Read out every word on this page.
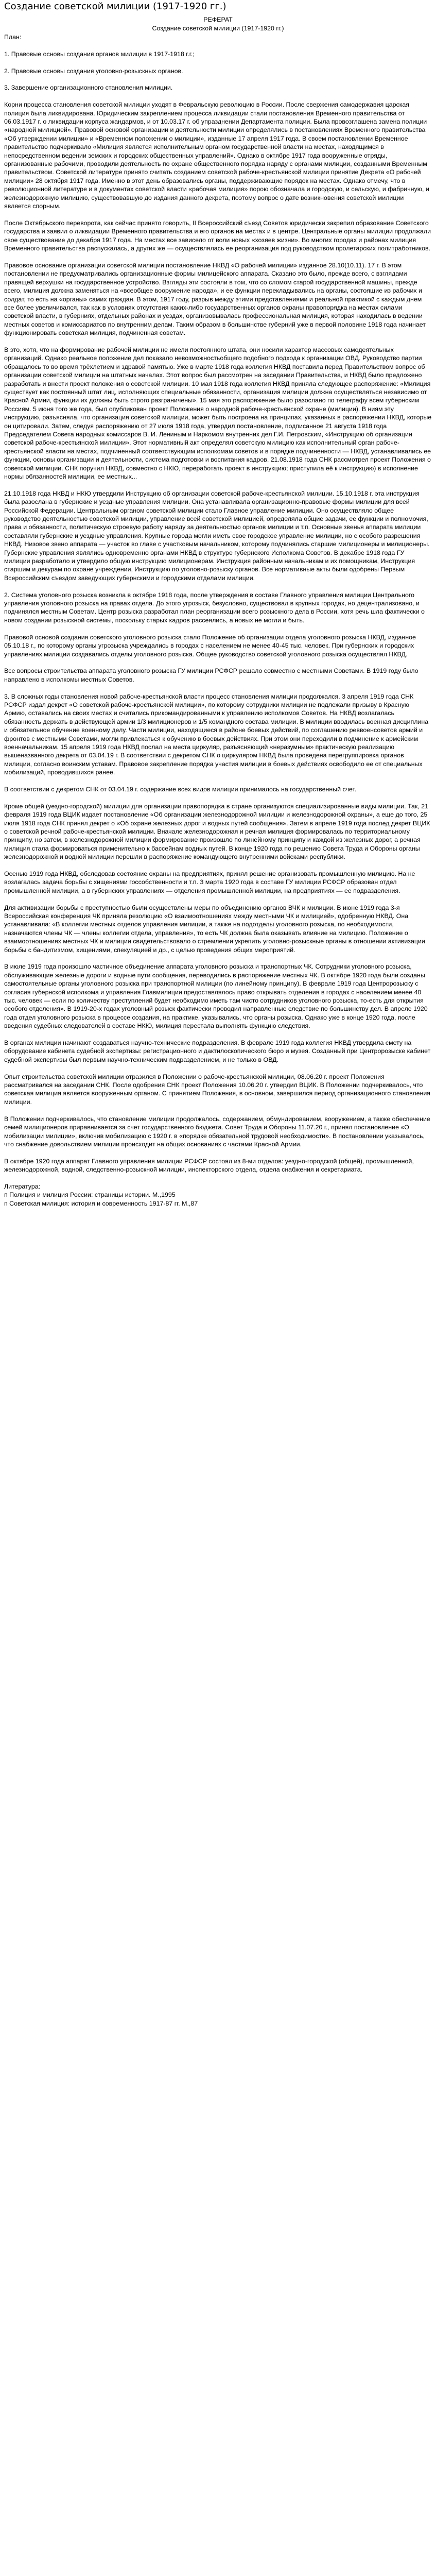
Создание советской милиции (1917-1920 гг.)

РЕФЕРАТ

Создание советской милиции (1917-1920 гг.)

План:

1. Правовые основы создания органов милиции в 1917-1918 г.г.;

2. Правовые основы создания уголовно-розыскных органов.

3. Завершение организационного становления милиции.

Корни процесса становления советской милиции уходят в Февральскую революцию в России. После свержения самодержавия царская полиция была ликвидирована. Юридическим закреплением процесса ликвидации стали постановления Временного правительства от 06.03.1917 г. о ликвидации корпуса жандармов, и от 10.03.17 г. об упразднении Департамента полиции. Была провозглашена замена полиции «народной милицией». Правовой основой организации и деятельности милиции определялись в постановлениях Временного правительства «Об утверждении милиции» и «Временном положении о милиции», изданные 17 апреля 1917 года. В своем постановлении Временное правительство подчеркивало «Милиция является исполнительным органом государственной власти на местах, находящимся в непосредственном ведении земских и городских общественных управлений». Однако в октябре 1917 года вооруженные отряды, организованные рабочими, проводили деятельность по охране общественного порядка наряду с органами милиции, созданными Временным правительством. Советской литературе принято считать созданием советской рабоче-крестьянской милиции принятие Декрета «О рабочей милиции» 28 октября 1917 года. Именно в этот день образовались органы, поддерживающие порядок на местах. Однако отмечу, что в революционной литературе и в документах советской власти «рабочая милиция» порою обозначала и городскую, и сельскую, и фабричную, и железнодорожную милицию, существовавшую до издания данного декрета, поэтому вопрос о дате возникновения советской милиции является спорным.

После Октябрьского переворота, как сейчас принято говорить, II Всероссийский съезд Советов юридически закрепил образование Советского государства и заявил о ликвидации Временного правительства и его органов на местах и в центре. Центральные органы милиции продолжали свое существование до декабря 1917 года. На местах все зависело от воли новых «хозяев жизни». Во многих городах и районах милиция Временного правительства распускалась, а других же — осуществлялась ее реорганизация под руководством пролетарских политработников.

Правовое основание организации советской милиции постановление НКВД «О рабочей милиции» изданное 28.10(10.11). 17 г. В этом постановлении не предусматривались организационные формы милицейского аппарата. Сказано это было, прежде всего, с взглядами правящей верхушки на государственное устройство. Взгляды эти состояли в том, что со сломом старой государственной машины, прежде всего, милиция должна заменяться на «всеобщее вооружение народа», и ее функции перекладывались на органы, состоящие из рабочих и солдат, то есть на «органы» самих граждан. В этом, 1917 году, разрыв между этими представлениями и реальной практикой с каждым днем все более увеличивался, так как в условиях отсутствия каких-либо государственных органов охраны правопорядка на местах силами советской власти, в губерниях, отдельных районах и уездах, организовывалась профессиональная милиция, которая находилась в ведении местных советов и комиссариатов по внутренним делам. Таким образом в большинстве губерний уже в первой половине 1918 года начинает функционировать советская милиция, подчиненная советам.

В это, хотя, что на формирование рабочей милиции не имели постоянного штата, они носили характер массовых самодеятельных организаций. Однако реальное положение дел показало невозможностьобщего подобного подхода к организации ОВД. Руководство партии обращалось то во время трёхлетием и здравой памятью. Уже в марте 1918 года коллегия НКВД поставила перед Правительством вопрос об организации советской милиции на штатных началах. Этот вопрос был рассмотрен на заседании Правительства, и НКВД было предложено разработать и внести проект положения о советской милиции. 10 мая 1918 года коллегия НКВД приняла следующее распоряжение: «Милиция существует как постоянный штат лиц, исполняющих специальные обязанности, организация милиции должна осуществляться независимо от Красной Армии, функции их должны быть строго разграничены». 15 мая это распоряжение было разослано по телеграфу всем губернским Россиям. 5 июня того же года, был опубликован проект Положения о народной рабоче-крестьянской охране (милиции). В ниям эту инструкцию, разъясняла, что организация советской милиции, может быть построена на принципах, указанных в распоряжении НКВД, которые он цитировали. Затем, следуя распоряжению от 27 июля 1918 года, утвердил постановление, подписанное 21 августа 1918 года Председателем Совета народных комиссаров В. И. Лениным и Наркомом внутренних дел Г.И. Петровским, «Инструкцию об организации советской рабоче-крестьянской милиции». Этот нормативный акт определял советскую милицию как исполнительный орган рабоче-крестьянской власти на местах, подчиненный соответствующим исполкомам советов и в порядке подчиненности — НКВД, устанавливались ее функции, основы организации и деятельности, система подготовки и воспитания кадров. 21.08.1918 года СНК рассмотрел проект Положения о советской милиции. СНК поручил НКВД, совместно с НКЮ, переработать проект в инструкцию; приступила её к инструкцию) в исполнение нормы обязанностей милиции, ее местных...

21.10.1918 года НКВД и НКЮ утвердили Инструкцию об организации советской рабоче-крестьянской милиции. 15.10.1918 г. эта инструкция была разослана в губернские и уездные управления милиции. Она устанавливала организационно-правовые формы милиции для всей Российской Федерации. Центральным органом советской милиции стало Главное управление милиции. Оно осуществляло общее руководство деятельностью советской милиции, управление всей советской милицией, определяла общие задачи, ее функции и полномочия, права и обязанности, политическую строевую работу наряду за деятельностью органов милиции и т.п. Основные звенья аппарата милиции составляли губернские и уездные управления. Крупные города могли иметь свое городское управление милиции, но с особого разрешения НКВД. Низовое звено аппарата — участок во главе с участковым начальником, которому подчинялись старшие милиционеры и милиционеры. Губернские управления являлись одновременно органами НКВД в структуре губернского Исполкома Советов. В декабре 1918 года ГУ милиции разработало и утвердило общую инструкцию милиционерам. Инструкция районным начальникам и их помощникам, Инструкция старшим и декурам по охране учреждении, Инструкцию по уголовно-розыску органов. Все нормативные акты были одобрены Первым Всероссийским съездом заведующих губернскими и городскими отделами милиции.

2. Система уголовного розыска возникла в октябре 1918 года, после утверждения в составе Главного управления милиции Центрального управления уголовного розыска на правах отдела. До этого угрозыск, безусловно, существовал в крупных городах, но децентрализовано, и подчинялся местным Советам. Центр розыска разработал план реорганизации всего розыскного дела в России, хотя речь шла фактически о новом создании розыскной системы, поскольку старых кадров рассеялись, а новых не могли и быть.

Правовой основой создания советского уголовного розыска стало Положение об организации отдела уголовного розыска НКВД, изданное 05.10.18 г., по которому органы угрозыска учреждались в городах с населением не менее 40-45 тыс. человек. При губернских и городских управлениях милиции создавались отделы уголовного розыска. Общее руководство советской уголовного розыска осуществлял НКВД.

Все вопросы строительства аппарата уголовного розыска ГУ милиции РСФСР решало совместно с местными Советами. В 1919 году было направлено в исполкомы местных Советов.

3. В сложных годы становления новой рабоче-крестьянской власти процесс становления милиции продолжался. 3 апреля 1919 года СНК РСФСР издал декрет «О советской рабоче-крестьянской милиции», по которому сотрудники милиции не подлежали призыву в Красную Армию, оставались на своих местах и считались прикомандированными к управлению исполкомов Советов. На НКВД возлагалась обязанность держать в действующей армии 1/3 милиционеров и 1/5 командного состава милиции. В милиции вводилась военная дисциплина и обязательное обучение военному делу. Части милиции, находящиеся в районе боевых действий, по соглашению реввоенсоветов армий и фронтов с местными Советами, могли привлекаться к обучению в боевых действиях. При этом они переходили в подчинение к армейским военначальникам. 15 апреля 1919 года НКВД послал на места циркуляр, разъясняющий «неразумным» практическую реализацию вышеназванного декрета от 03.04.19 г. В соответствии с декретом СНК о циркуляром НКВД была проведена перегруппировка органов милиции, согласно воинским уставам. Правовое закрепление порядка участия милиции в боевых действиях освободило ее от специальных мобилизаций, проводившихся ранее.

В соответствии с декретом СНК от 03.04.19 г. содержание всех видов милиции принималось на государственный счет.

Кроме общей (уездно-городской) милиции для организации правопорядка в стране организуются специализированные виды милиции. Так, 21 февраля 1919 года ВЦИК издает постановление «Об организации железнодорожной милиции и железнодорожной охраны», а еще до того, 25 июля 1918 года СНК принял декрет о «Об охране железных дорог и водных путей сообщения». Затем в апреле 1919 года послед декрет ВЦИК о советской речной рабоче-крестьянской милиции. Вначале железнодорожная и речная милиция формировалась по территориальному принципу, но затем, в железнодорожной милиции формирование произошло по линейному принципу и каждой из железных дорог, а речная милиция стала формироваться применительно к бассейнам водных путей. В конце 1920 года по решению Совета Труда и Обороны органы железнодорожной и водной милиции перешли в распоряжение командующего внутренними войсками республики.

Осенью 1919 года НКВД, обследовав состояние охраны на предприятиях, принял решение организовать промышленную милицию. На не возлагалась задача борьбы с хищениями госсобственности и т.п. 3 марта 1920 года в составе ГУ милиции РСФСР образован отдел промышленной милиции, а в губернских управлениях — отделения промышленной милиции, на предприятиях — ее подразделения.

Для активизации борьбы с преступностью были осуществлены меры по объединению органов ВЧК и милиции. В июне 1919 года 3-я Всероссийская конференция ЧК приняла резолюцию «О взаимоотношениях между местными ЧК и милицией», одобренную НКВД. Она устанавливала: «В коллегии местных отделов управления милиции, а также на подотделы уголовного розыска, по необходимости, назначаются члены ЧК — члены коллегии отдела, управления», то есть ЧК должна была оказывать влияние на милицию. Положение о взаимоотношениях местных ЧК и милиции свидетельствовало о стремлении укрепить уголовно-розыскные органы в отношении активизации борьбы с бандитизмом, хищениями, спекуляцией и др., с целью проведения общих мероприятий.

В июле 1919 года произошло частичное объединение аппарата уголовного розыска и транспортных ЧК. Сотрудники уголовного розыска, обслуживающие железные дороги и водные пути сообщения, переводились в распоряжение местных ЧК. В октябре 1920 года были созданы самостоятельные органы уголовного розыска при транспортной милиции (по линейному принципу). В феврале 1919 года Центророзыску с согласия губернской исполкома и управления Главмилиции предоставлялось право открывать отделения в городах с населением менее 40 тыс. человек — если по количеству преступлений будет необходимо иметь там чисто сотрудников уголовного розыска, то-есть для открытия особого отделения». В 1919-20-х годах уголовный розыск фактически проводил направленные следствие по большинству дел. В апреле 1920 года отдел уголовного розыска в процессе создания, на практике, указывались, что органы розыска. Однако уже в конце 1920 года, после введения судебных следователей в составе НКЮ, милиция перестала выполнять функцию следствия.

В органах милиции начинают создаваться научно-технические подразделения. В феврале 1919 года коллегия НКВД утвердила смету на оборудование кабинета судебной экспертизы: регистрационного и дактилоскопического бюро и музея. Созданный при Центророзыске кабинет судебной экспертизы был первым научно-техническим подразделением, и не только в ОВД.

Опыт строительства советской милиции отразился в Положении о рабоче-крестьянской милиции, 08.06.20 г. проект Положения рассматривался на заседании СНК. После одобрения СНК проект Положения 10.06.20 г. утвердил ВЦИК. В Положении подчеркивалось, что советская милиция является вооруженным органом. С принятием Положения, в основном, завершился период организационного становления милиции.

В Положении подчеркивалось, что становление милиции продолжалось, содержанием, обмундированием, вооружением, а также обеспечение семей милиционеров приравнивается за счет государственного бюджета. Совет Труда и Обороны 11.07.20 г., принял постановление «О мобилизации милиции», включив мобилизацию с 1920 г. в «порядке обязательной трудовой необходимости». В постановлении указывалось, что снабжение довольствием милиции происходит на общих основаниях с частями Красной Армии.

В октябре 1920 года аппарат Главного управления милиции РСФСР состоял из 8-ми отделов: уездно-городской (общей), промышленной, железнодорожной, водной, следственно-розыскной милиции, инспекторского отдела, отдела снабжения и секретариата.

Литература:

п Полиция и милиция России: страницы истории. М.,1995

п Советская милиция: история и современность 1917-87 гг. М.,87
